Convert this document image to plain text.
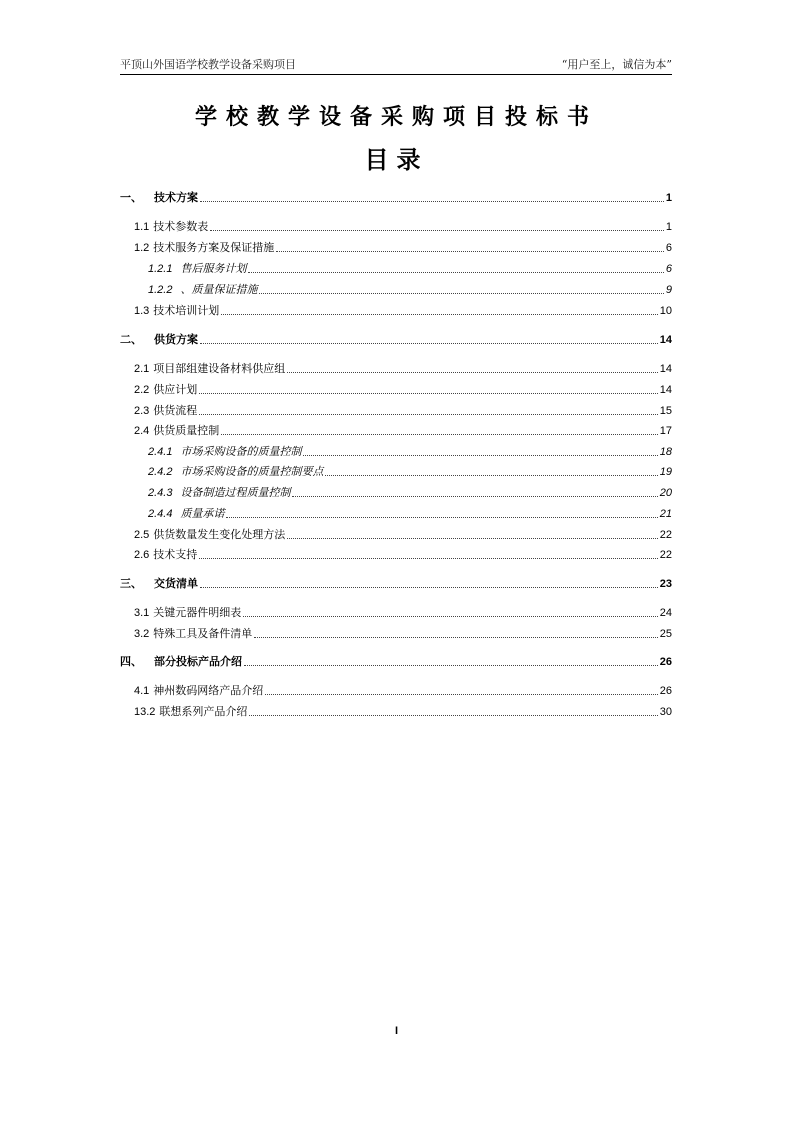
平顶山外国语学校教学设备采购项目	“用户至上，诚信为本”
学校教学设备采购项目投标书
目录
一、	技术方案	1
1.1 技术参数表	1
1.2 技术服务方案及保证措施	6
1.2.1 售后服务计划	6
1.2.2 、质量保证措施	9
1.3 技术培训计划	10
二、	供货方案	14
2.1 项目部组建设备材料供应组	14
2.2 供应计划	14
2.3 供货流程	15
2.4 供货质量控制	17
2.4.1 市场采购设备的质量控制	18
2.4.2 市场采购设备的质量控制要点	19
2.4.3 设备制造过程质量控制	20
2.4.4 质量承诺	21
2.5 供货数量发生变化处理方法	22
2.6 技术支持	22
三、	交货清单	23
3.1 关键元器件明细表	24
3.2 特殊工具及备件清单	25
四、	部分投标产品介绍	26
4.1 神州数码网络产品介绍	26
13.2 联想系列产品介绍	30
I
